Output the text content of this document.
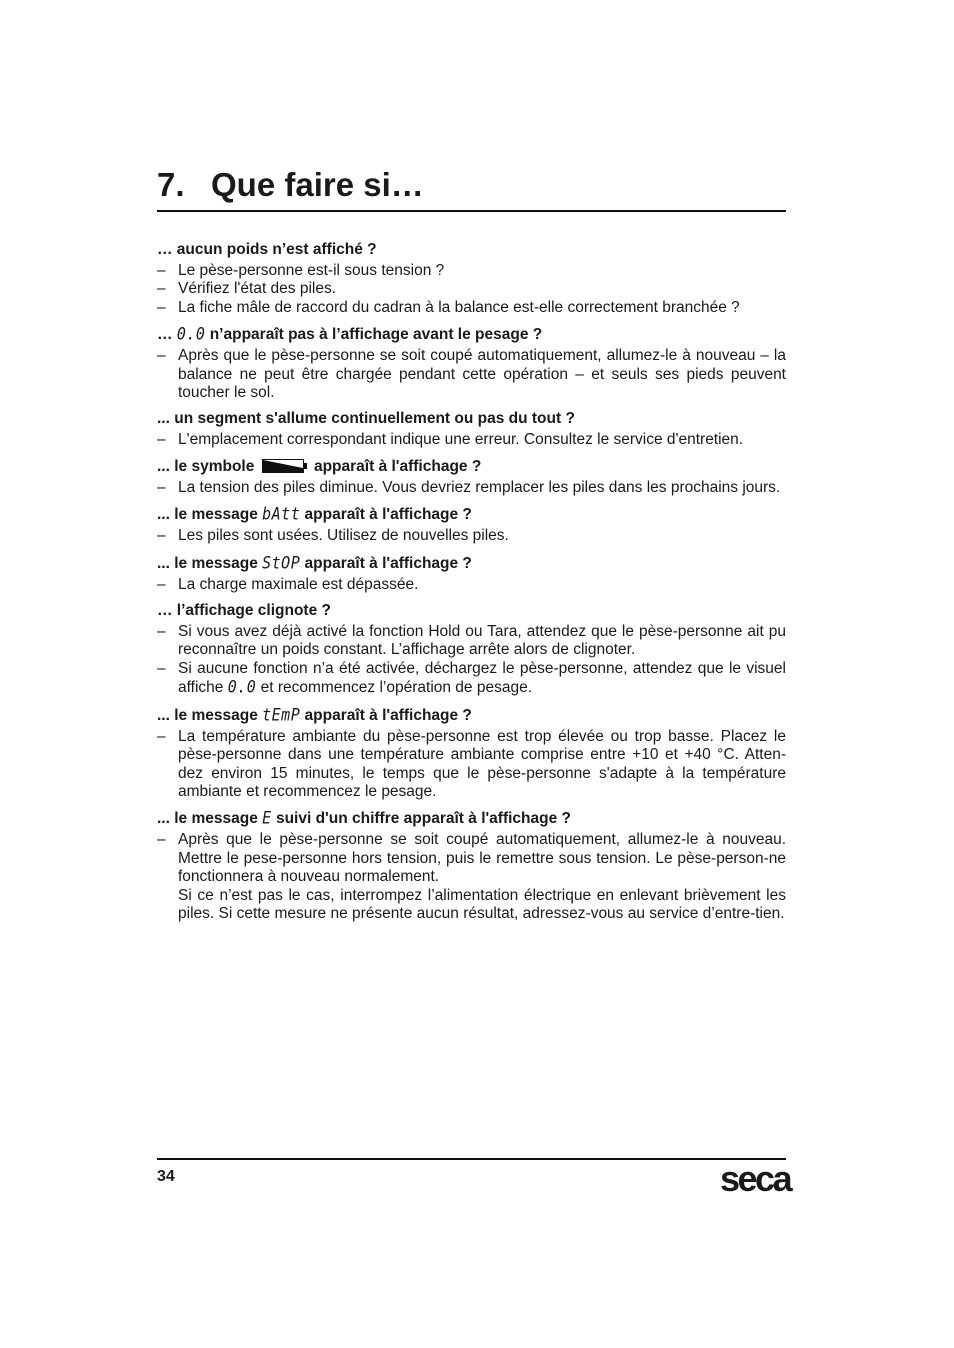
7. Que faire si…
… aucun poids n’est affiché ?
– Le pèse-personne est-il sous tension ?
– Vérifiez l'état des piles.
– La fiche mâle de raccord du cadran à la balance est-elle correctement branchée ?
… 0.0 n’apparaît pas à l’affichage avant le pesage ?
– Après que le pèse-personne se soit coupé automatiquement, allumez-le à nouveau – la balance ne peut être chargée pendant cette opération – et seuls ses pieds peuvent toucher le sol.
... un segment s'allume continuellement ou pas du tout ?
– L'emplacement correspondant indique une erreur. Consultez le service d'entretien.
... le symbole	apparaît à l'affichage ?
– La tension des piles diminue. Vous devriez remplacer les piles dans les prochains jours.
... le message bAtt apparaît à l'affichage ?
– Les piles sont usées. Utilisez de nouvelles piles.
... le message StOP apparaît à l'affichage ?
– La charge maximale est dépassée.
… l’affichage clignote ?
– Si vous avez déjà activé la fonction Hold ou Tara, attendez que le pèse-personne ait pu reconnaître un poids constant. L’affichage arrête alors de clignoter.
– Si aucune fonction n’a été activée, déchargez le pèse-personne, attendez que le visuel affiche 0.0 et recommencez l’opération de pesage.
... le message tEmP apparaît à l'affichage ?
– La température ambiante du pèse-personne est trop élevée ou trop basse. Placez le pèse-personne dans une température ambiante comprise entre +10 et +40 °C. Atten-dez environ 15 minutes, le temps que le pèse-personne s'adapte à la température ambiante et recommencez le pesage.
... le message E suivi d'un chiffre apparaît à l'affichage ?
– Après que le pèse-personne se soit coupé automatiquement, allumez-le à nouveau. Mettre le pese-personne hors tension, puis le remettre sous tension. Le pèse-person-ne fonctionnera à nouveau normalement.
Si ce n’est pas le cas, interrompez l’alimentation électrique en enlevant brièvement les piles. Si cette mesure ne présente aucun résultat, adressez-vous au service d’entre-tien.
34	seca
